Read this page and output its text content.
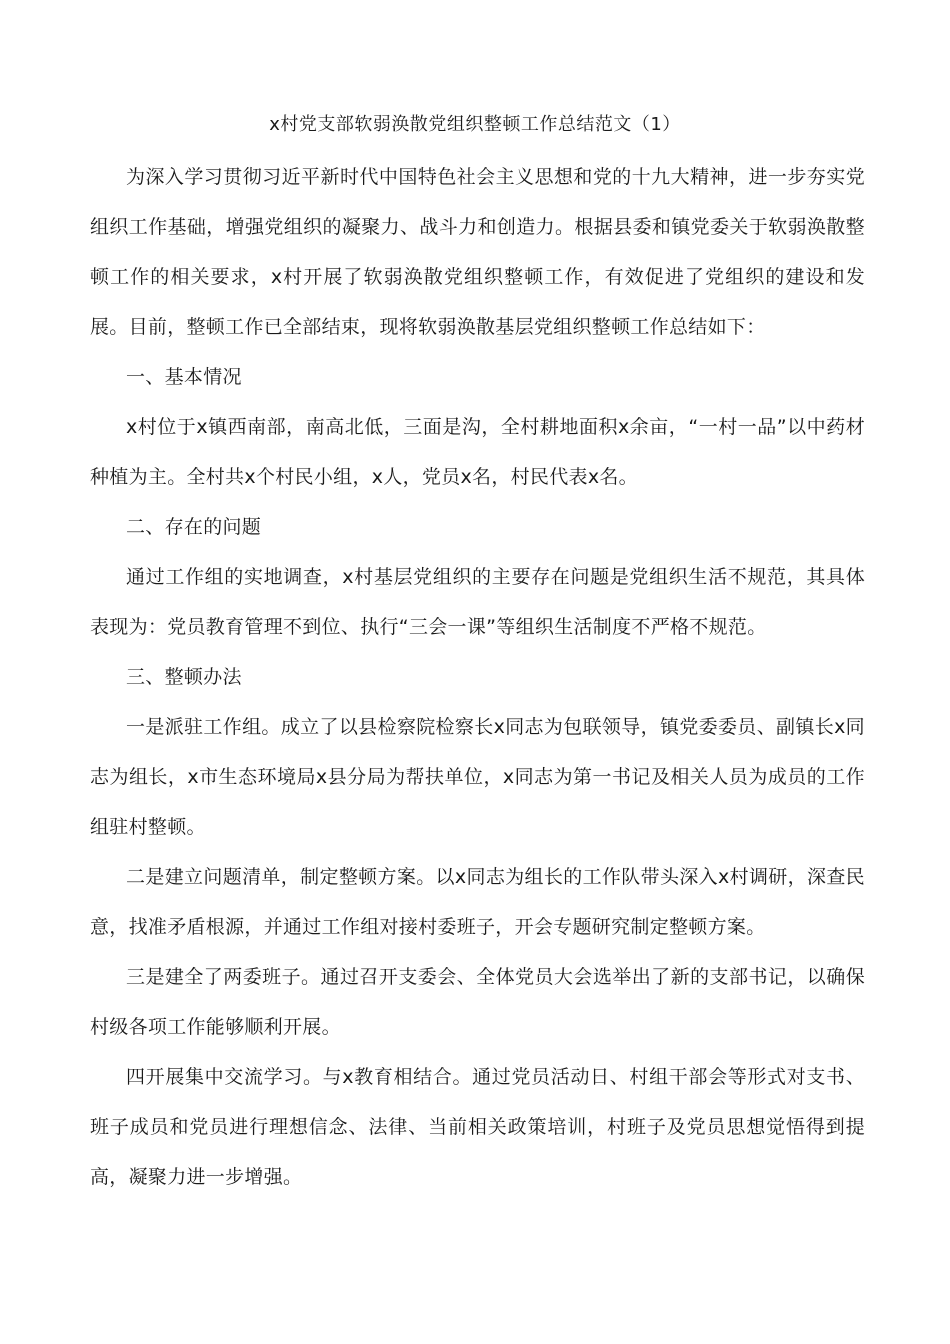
x村党支部软弱涣散党组织整顿工作总结范文（1）

为深入学习贯彻习近平新时代中国特色社会主义思想和党的十九大精神，进一步夯实党组织工作基础，增强党组织的凝聚力、战斗力和创造力。根据县委和镇党委关于软弱涣散整顿工作的相关要求，x村开展了软弱涣散党组织整顿工作，有效促进了党组织的建设和发展。目前，整顿工作已全部结束，现将软弱涣散基层党组织整顿工作总结如下：

一、基本情况

x村位于x镇西南部，南高北低，三面是沟，全村耕地面积x余亩，“一村一品”以中药材种植为主。全村共x个村民小组，x人，党员x名，村民代表x名。

二、存在的问题

通过工作组的实地调查，x村基层党组织的主要存在问题是党组织生活不规范，其具体表现为：党员教育管理不到位、执行“三会一课”等组织生活制度不严格不规范。

三、整顿办法

一是派驻工作组。成立了以县检察院检察长x同志为包联领导，镇党委委员、副镇长x同志为组长，x市生态环境局x县分局为帮扶单位，x同志为第一书记及相关人员为成员的工作组驻村整顿。

二是建立问题清单，制定整顿方案。以x同志为组长的工作队带头深入x村调研，深查民意，找准矛盾根源，并通过工作组对接村委班子，开会专题研究制定整顿方案。

三是建全了两委班子。通过召开支委会、全体党员大会选举出了新的支部书记，以确保村级各项工作能够顺利开展。

四开展集中交流学习。与x教育相结合。通过党员活动日、村组干部会等形式对支书、班子成员和党员进行理想信念、法律、当前相关政策培训，村班子及党员思想觉悟得到提高，凝聚力进一步增强。
